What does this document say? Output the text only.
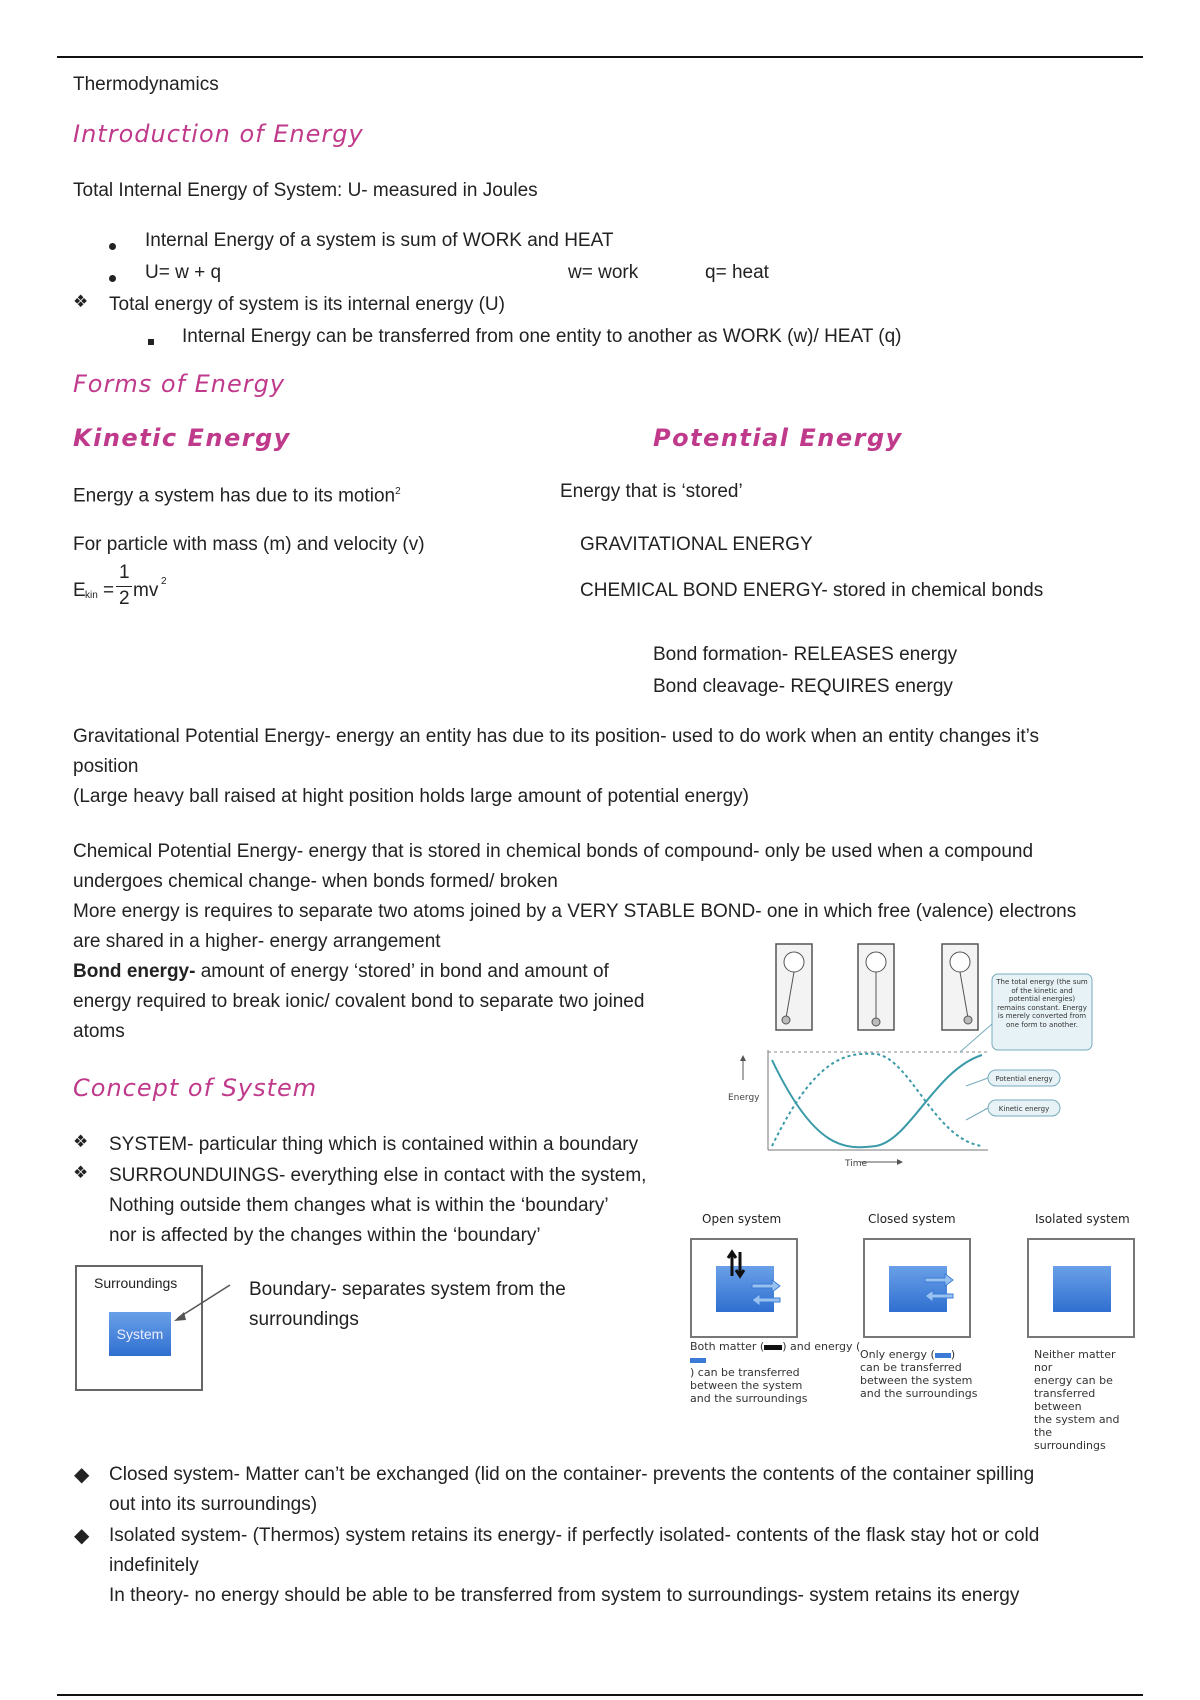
Thermodynamics
Introduction of Energy
Total Internal Energy of System: U- measured in Joules
Internal Energy of a system is sum of WORK and HEAT
U= w + q	w= work	q= heat
❖ Total energy of system is its internal energy (U)
Internal Energy can be transferred from one entity to another as WORK (w)/ HEAT (q)
Forms of Energy
Kinetic Energy	Potential Energy
Energy a system has due to its motion$^2$	Energy that is ‘stored’
For particle with mass (m) and velocity (v)	GRAVITATIONAL ENERGY
E kin =
1
2 mv 2	CHEMICAL BOND ENERGY- stored in chemical bonds
Bond formation- RELEASES energy
Bond cleavage- REQUIRES energy
Gravitational Potential Energy- energy an entity has due to its position- used to do work when an entity changes it’s
position
(Large heavy ball raised at hight position holds large amount of potential energy)
Chemical Potential Energy- energy that is stored in chemical bonds of compound- only be used when a compound
undergoes chemical change- when bonds formed/ broken
More energy is requires to separate two atoms joined by a VERY STABLE BOND- one in which free (valence) electrons
are shared in a higher- energy arrangement
Bond energy- amount of energy ‘stored’ in bond and amount of
energy required to break ionic/ covalent bond to separate two joined
atoms
Energy
Time
The total energy (the sum of the kinetic and potential energies) remains constant. Energy is merely converted from one form to another.
Potential energy
Kinetic energy
Concept of System
❖ SYSTEM- particular thing which is contained within a boundary
❖ SURROUNDUINGS- everything else in contact with the system,
Nothing outside them changes what is within the ‘boundary’
nor is affected by the changes within the ‘boundary’
Surroundings
System
Boundary- separates system from the
surroundings
Open system
Both matter ( ) and energy (
) can be transferred
between the system
and the surroundings
Closed system
Only energy ( )
can be transferred
between the system
and the surroundings
Isolated system
Neither matter nor
energy can be
transferred between
the system and the
surroundings
◆ Closed system- Matter can’t be exchanged (lid on the container- prevents the contents of the container spilling
out into its surroundings)
◆ Isolated system- (Thermos) system retains its energy- if perfectly isolated- contents of the flask stay hot or cold
indefinitely
In theory- no energy should be able to be transferred from system to surroundings- system retains its energy
